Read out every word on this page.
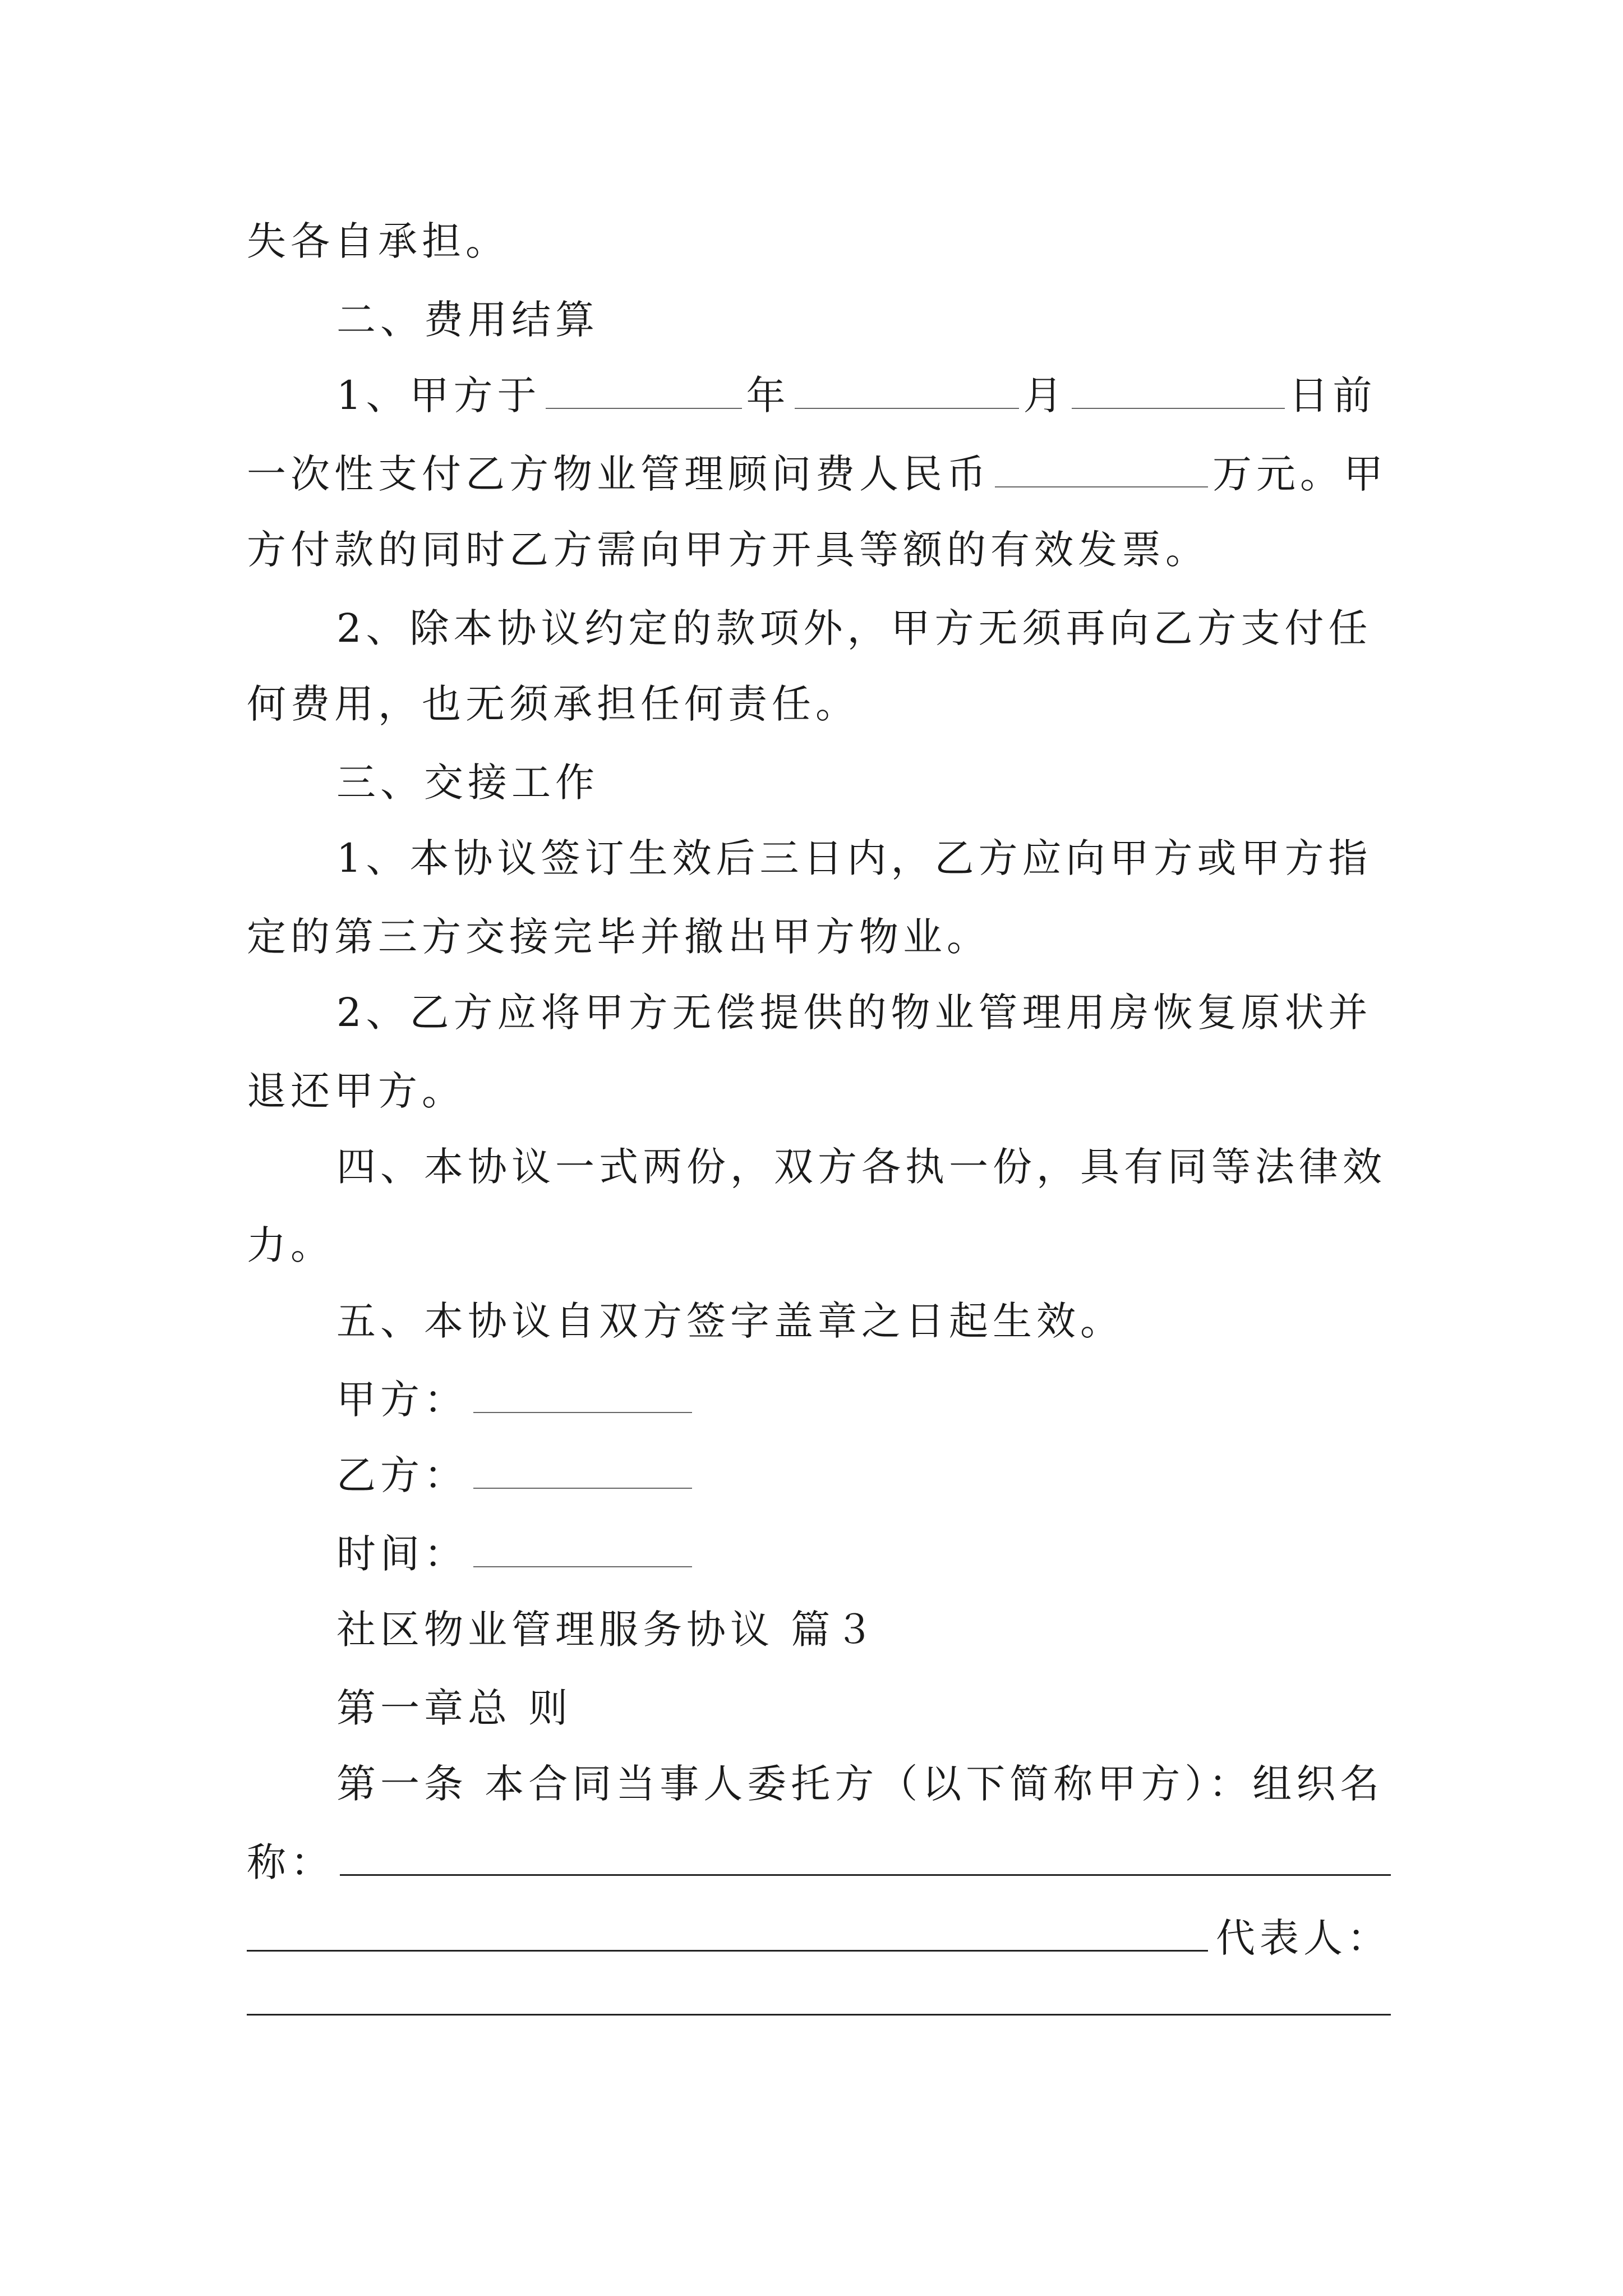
失各自承担。
二、费用结算
1、甲方于	年	月	日前
一次性支付乙方物业管理顾问费人民币	万元。甲
方付款的同时乙方需向甲方开具等额的有效发票。
2、除本协议约定的款项外，甲方无须再向乙方支付任
何费用，也无须承担任何责任。
三、交接工作
1、本协议签订生效后三日内，乙方应向甲方或甲方指
定的第三方交接完毕并撤出甲方物业。
2、乙方应将甲方无偿提供的物业管理用房恢复原状并
退还甲方。
四、本协议一式两份，双方各执一份，具有同等法律效
力。
五、本协议自双方签字盖章之日起生效。
甲方：
乙方：
时间：
社区物业管理服务协议 篇３
第一章总 则
第一条 本合同当事人委托方（以下简称甲方）：组织名
称：
代表人：
